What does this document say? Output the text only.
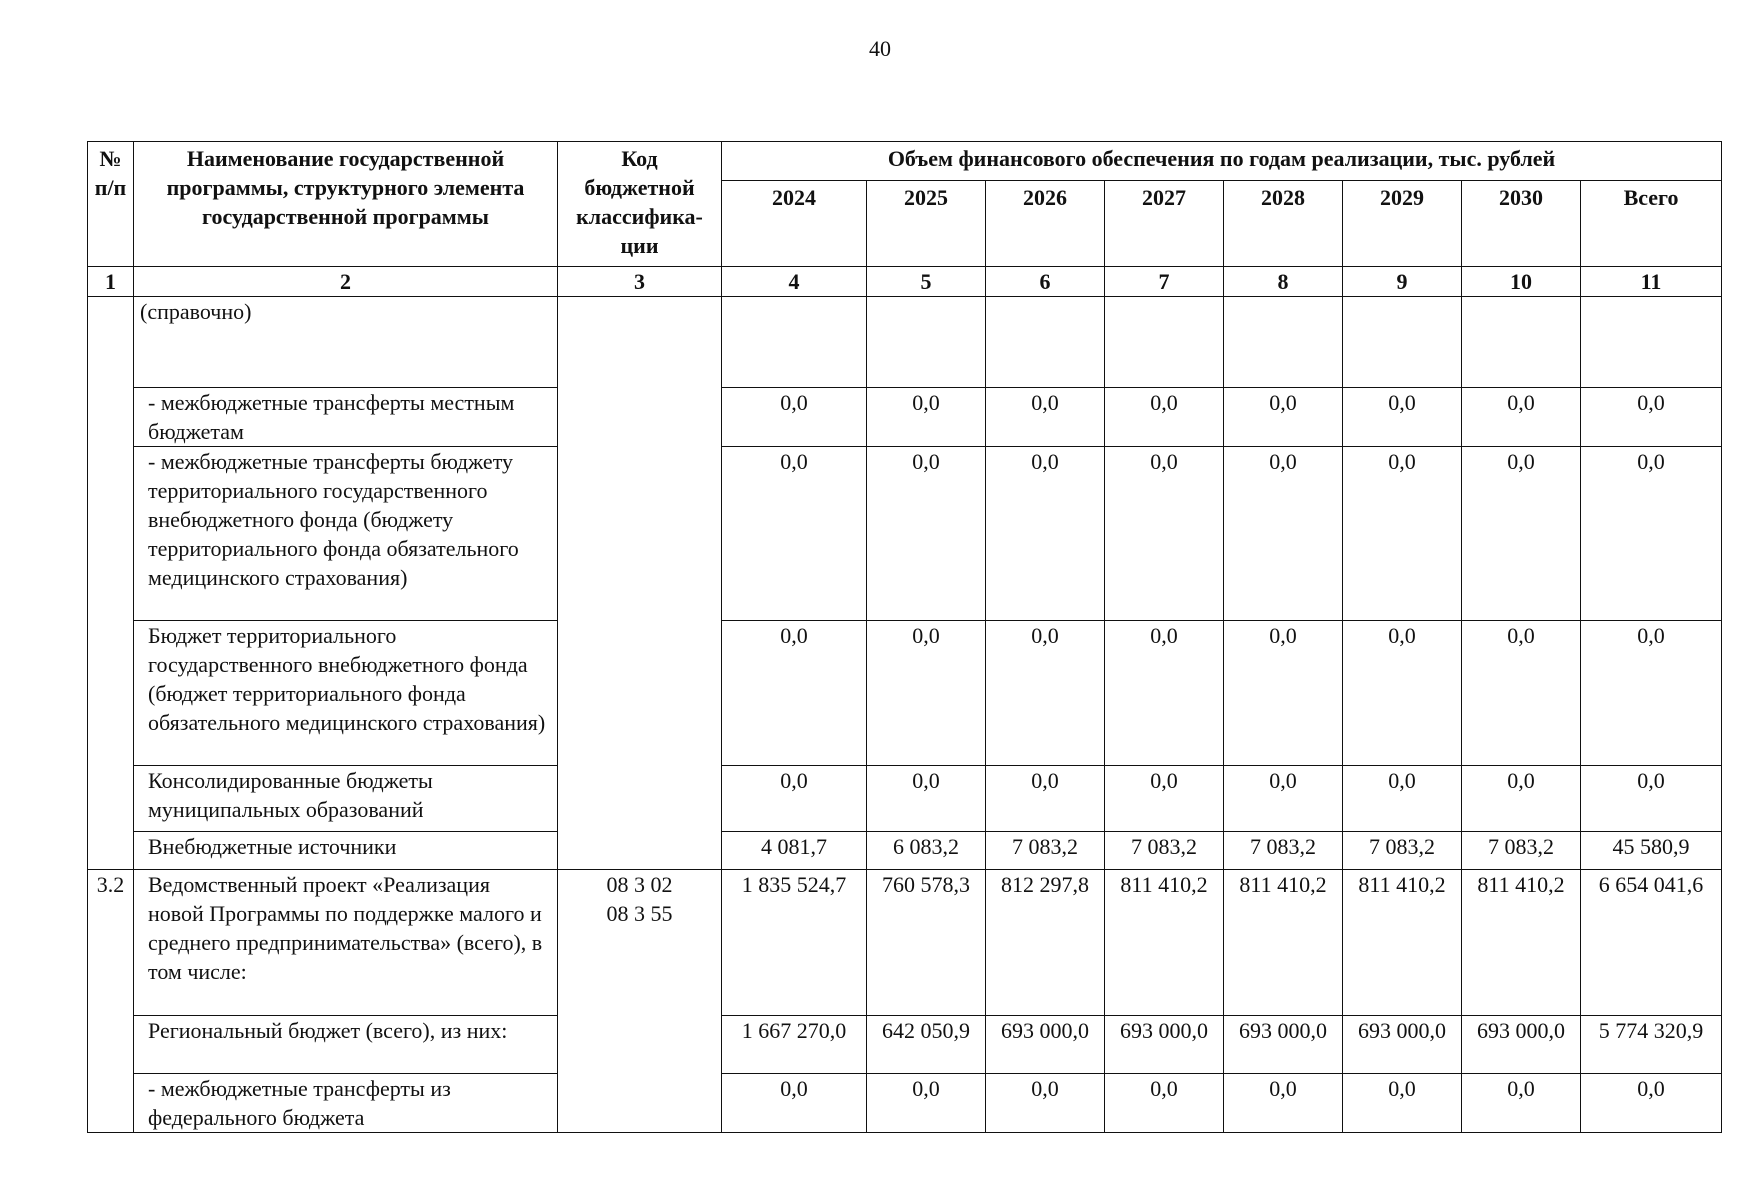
40
№ п/п	Наименование государственной программы, структурного элемента государственной программы	Код бюджетной классифика-ции	Объем финансового обеспечения по годам реализации, тыс. рублей							
			2024	2025	2026	2027	2028	2029	2030	Всего
1	2	3	4	5	6	7	8	9	10	11
	(справочно)									
	- межбюджетные трансферты местным бюджетам		0,0	0,0	0,0	0,0	0,0	0,0	0,0	0,0
	- межбюджетные трансферты бюджету территориального государственного внебюджетного фонда (бюджету территориального фонда обязательного медицинского страхования)		0,0	0,0	0,0	0,0	0,0	0,0	0,0	0,0
	Бюджет территориального государственного внебюджетного фонда (бюджет территориального фонда обязательного медицинского страхования)		0,0	0,0	0,0	0,0	0,0	0,0	0,0	0,0
	Консолидированные бюджеты муниципальных образований		0,0	0,0	0,0	0,0	0,0	0,0	0,0	0,0
	Внебюджетные источники		4 081,7	6 083,2	7 083,2	7 083,2	7 083,2	7 083,2	7 083,2	45 580,9
3.2	Ведомственный проект «Реализация новой Программы по поддержке малого и среднего предпринимательства» (всего), в том числе:	08 3 02
08 3 55	1 835 524,7	760 578,3	812 297,8	811 410,2	811 410,2	811 410,2	811 410,2	6 654 041,6
	Региональный бюджет (всего), из них:		1 667 270,0	642 050,9	693 000,0	693 000,0	693 000,0	693 000,0	693 000,0	5 774 320,9
	- межбюджетные трансферты из федерального бюджета		0,0	0,0	0,0	0,0	0,0	0,0	0,0	0,0
